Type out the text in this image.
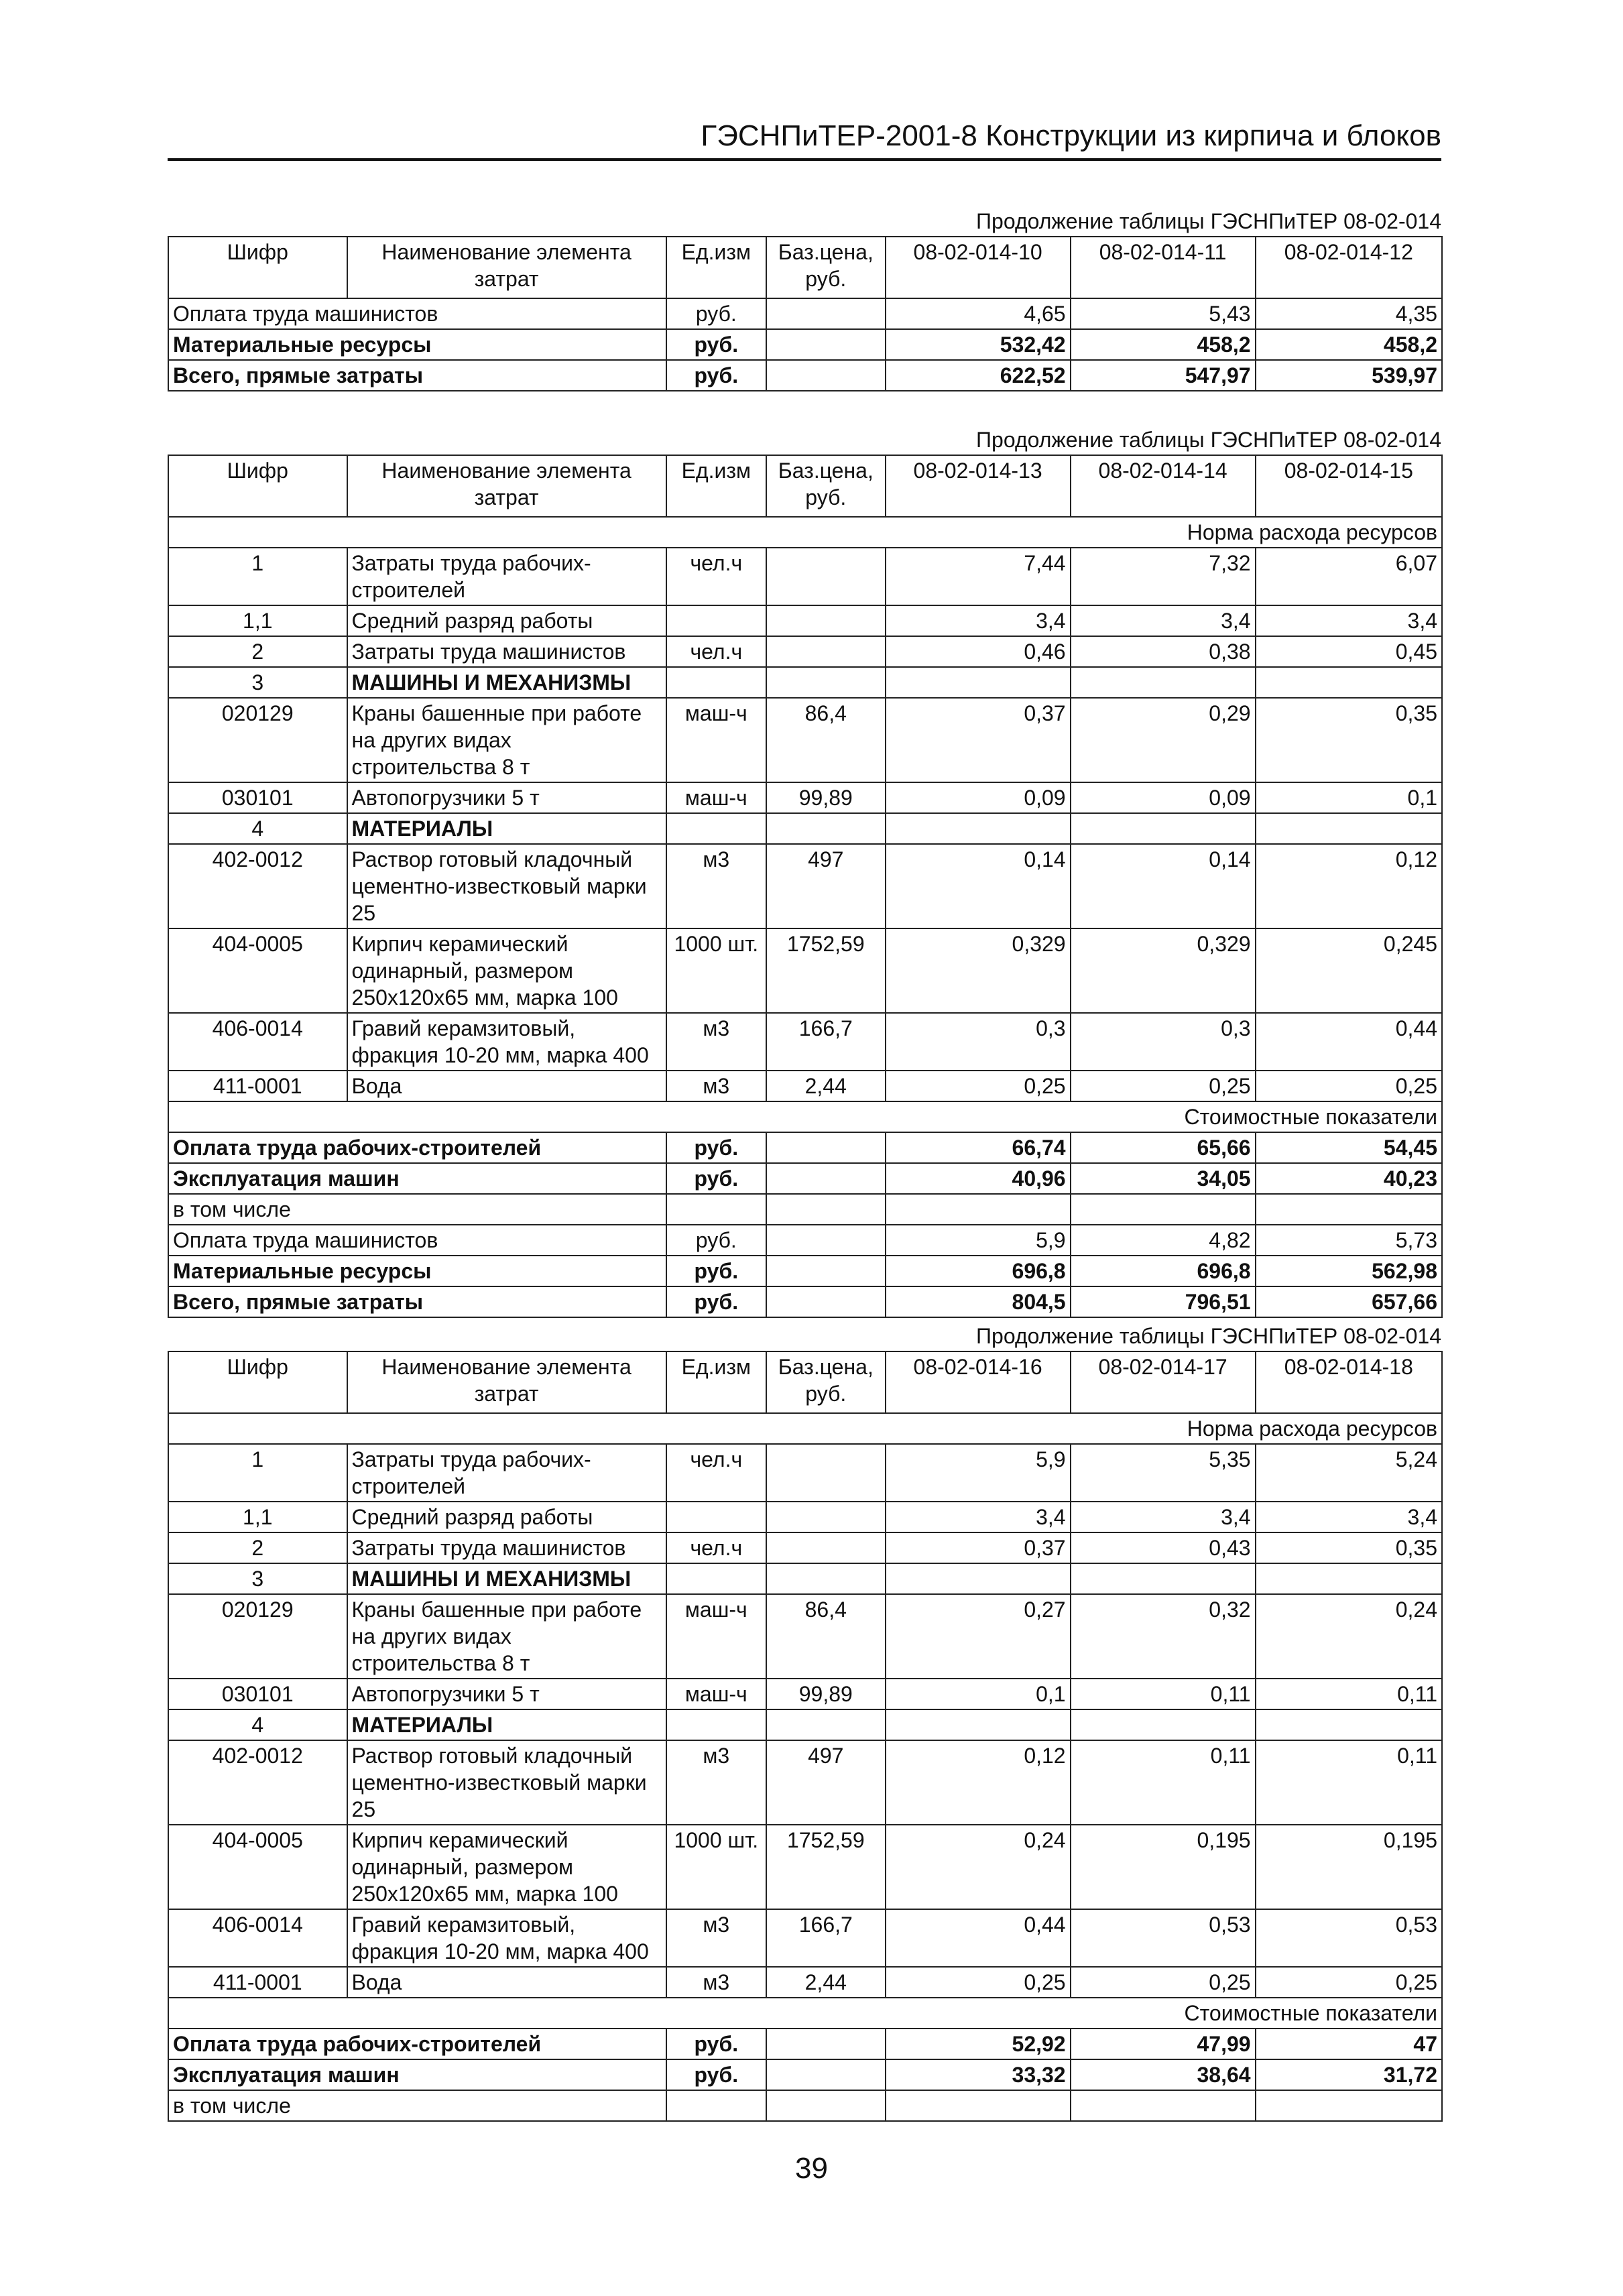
ГЭСНПиТЕР-2001-8 Конструкции из кирпича и блоков
Продолжение таблицы ГЭСНПиТЕР 08-02-014
Шифр	Наименование элемента затрат	Ед.изм	Баз.цена, руб.	08-02-014-10	08-02-014-11	08-02-014-12
Оплата труда машинистов		руб.		4,65	5,43	4,35
Материальные ресурсы		руб.		532,42	458,2	458,2
Всего, прямые затраты		руб.		622,52	547,97	539,97
Продолжение таблицы ГЭСНПиТЕР 08-02-014
Шифр	Наименование элемента затрат	Ед.изм	Баз.цена, руб.	08-02-014-13	08-02-014-14	08-02-014-15
Норма расхода ресурсов						
1	Затраты труда рабочих-строителей	чел.ч		7,44	7,32	6,07
1,1	Средний разряд работы			3,4	3,4	3,4
2	Затраты труда машинистов	чел.ч		0,46	0,38	0,45
3	МАШИНЫ И МЕХАНИЗМЫ					
020129	Краны башенные при работе на других видах строительства 8 т	маш-ч	86,4	0,37	0,29	0,35
030101	Автопогрузчики 5 т	маш-ч	99,89	0,09	0,09	0,1
4	МАТЕРИАЛЫ					
402-0012	Раствор готовый кладочный цементно-известковый марки 25	м3	497	0,14	0,14	0,12
404-0005	Кирпич керамический одинарный, размером 250х120х65 мм, марка 100	1000 шт.	1752,59	0,329	0,329	0,245
406-0014	Гравий керамзитовый, фракция 10-20 мм, марка 400	м3	166,7	0,3	0,3	0,44
411-0001	Вода	м3	2,44	0,25	0,25	0,25
Стоимостные показатели						
Оплата труда рабочих-строителей		руб.		66,74	65,66	54,45
Эксплуатация машин		руб.		40,96	34,05	40,23
в том числе						
Оплата труда машинистов		руб.		5,9	4,82	5,73
Материальные ресурсы		руб.		696,8	696,8	562,98
Всего, прямые затраты		руб.		804,5	796,51	657,66
Продолжение таблицы ГЭСНПиТЕР 08-02-014
Шифр	Наименование элемента затрат	Ед.изм	Баз.цена, руб.	08-02-014-16	08-02-014-17	08-02-014-18
Норма расхода ресурсов						
1	Затраты труда рабочих-строителей	чел.ч		5,9	5,35	5,24
1,1	Средний разряд работы			3,4	3,4	3,4
2	Затраты труда машинистов	чел.ч		0,37	0,43	0,35
3	МАШИНЫ И МЕХАНИЗМЫ					
020129	Краны башенные при работе на других видах строительства 8 т	маш-ч	86,4	0,27	0,32	0,24
030101	Автопогрузчики 5 т	маш-ч	99,89	0,1	0,11	0,11
4	МАТЕРИАЛЫ					
402-0012	Раствор готовый кладочный цементно-известковый марки 25	м3	497	0,12	0,11	0,11
404-0005	Кирпич керамический одинарный, размером 250х120х65 мм, марка 100	1000 шт.	1752,59	0,24	0,195	0,195
406-0014	Гравий керамзитовый, фракция 10-20 мм, марка 400	м3	166,7	0,44	0,53	0,53
411-0001	Вода	м3	2,44	0,25	0,25	0,25
Стоимостные показатели						
Оплата труда рабочих-строителей		руб.		52,92	47,99	47
Эксплуатация машин		руб.		33,32	38,64	31,72
в том числе						
39
